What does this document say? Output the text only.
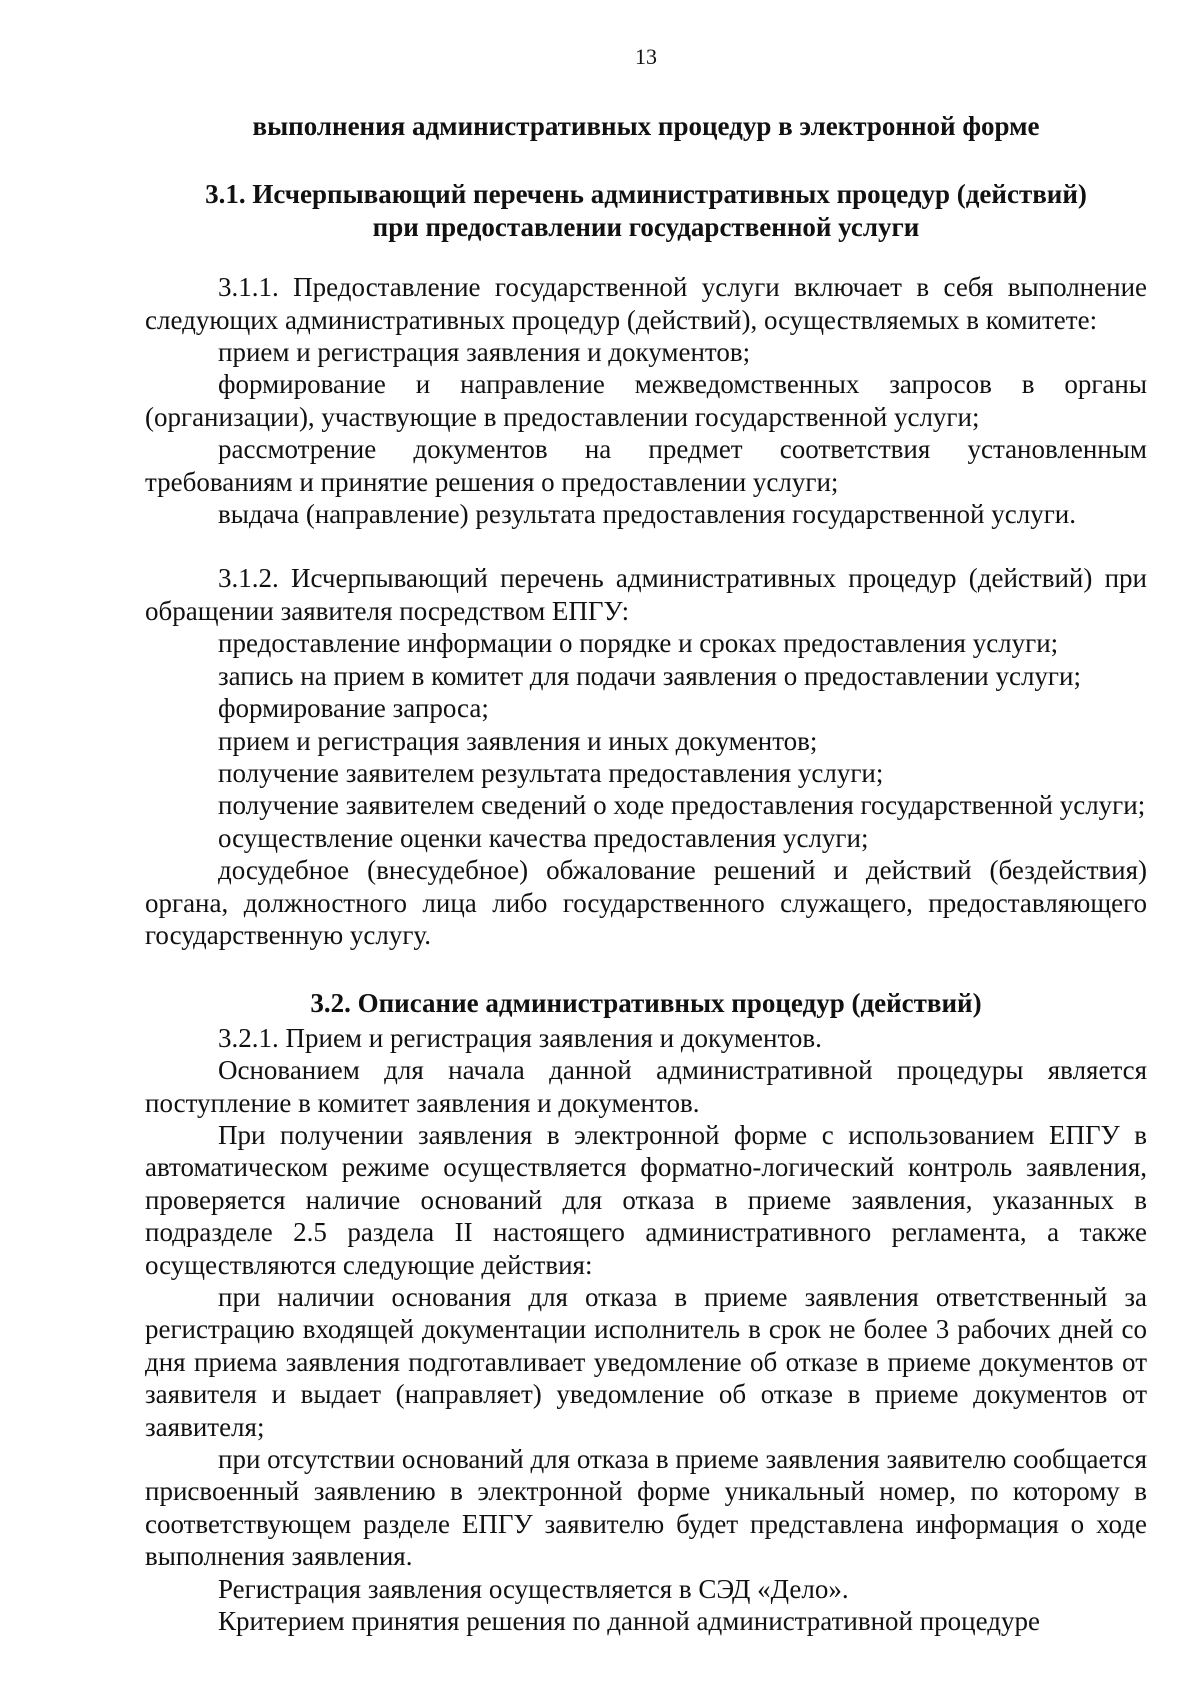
13

выполнения административных процедур в электронной форме

3.1. Исчерпывающий перечень административных процедур (действий)
при предоставлении государственной услуги

3.1.1. Предоставление государственной услуги включает в себя выполнение следующих административных процедур (действий), осуществляемых в комитете:

прием и регистрация заявления и документов;

формирование и направление межведомственных запросов в органы (организации), участвующие в предоставлении государственной услуги;

рассмотрение документов на предмет соответствия установленным требованиям и принятие решения о предоставлении услуги;

выдача (направление) результата предоставления государственной услуги.

3.1.2. Исчерпывающий перечень административных процедур (действий) при обращении заявителя посредством ЕПГУ:

предоставление информации о порядке и сроках предоставления услуги;

запись на прием в комитет для подачи заявления о предоставлении услуги;

формирование запроса;

прием и регистрация заявления и иных документов;

получение заявителем результата предоставления услуги;

получение заявителем сведений о ходе предоставления государственной услуги;

осуществление оценки качества предоставления услуги;

досудебное (внесудебное) обжалование решений и действий (бездействия) органа, должностного лица либо государственного служащего, предоставляющего государственную услугу.

3.2. Описание административных процедур (действий)

3.2.1. Прием и регистрация заявления и документов.

Основанием для начала данной административной процедуры является поступление в комитет заявления и документов.

При получении заявления в электронной форме с использованием ЕПГУ в автоматическом режиме осуществляется форматно-логический контроль заявления, проверяется наличие оснований для отказа в приеме заявления, указанных в подразделе 2.5 раздела II настоящего административного регламента, а также осуществляются следующие действия:

при наличии основания для отказа в приеме заявления ответственный за регистрацию входящей документации исполнитель в срок не более 3 рабочих дней со дня приема заявления подготавливает уведомление об отказе в приеме документов от заявителя и выдает (направляет) уведомление об отказе в приеме документов от заявителя;

при отсутствии оснований для отказа в приеме заявления заявителю сообщается присвоенный заявлению в электронной форме уникальный номер, по которому в соответствующем разделе ЕПГУ заявителю будет представлена информация о ходе выполнения заявления.

Регистрация заявления осуществляется в СЭД «Дело».

Критерием принятия решения по данной административной процедуре
